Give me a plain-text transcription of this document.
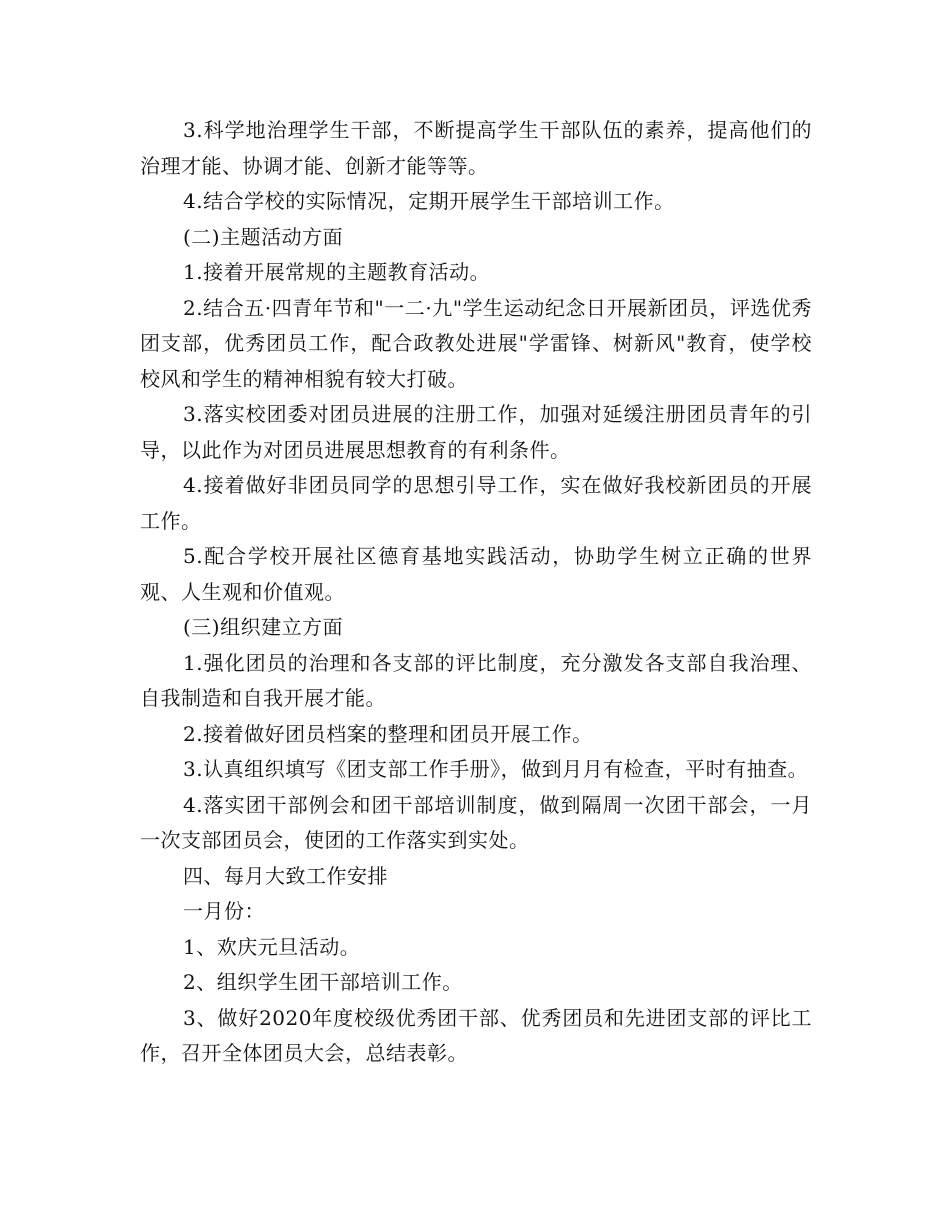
3.科学地治理学生干部，不断提高学生干部队伍的素养，提高他们的治理才能、协调才能、创新才能等等。

4.结合学校的实际情况，定期开展学生干部培训工作。

(二)主题活动方面

1.接着开展常规的主题教育活动。

2.结合五·四青年节和"一二·九"学生运动纪念日开展新团员，评选优秀团支部，优秀团员工作，配合政教处进展"学雷锋、树新风"教育，使学校校风和学生的精神相貌有较大打破。

3.落实校团委对团员进展的注册工作，加强对延缓注册团员青年的引导，以此作为对团员进展思想教育的有利条件。

4.接着做好非团员同学的思想引导工作，实在做好我校新团员的开展工作。

5.配合学校开展社区德育基地实践活动，协助学生树立正确的世界观、人生观和价值观。

(三)组织建立方面

1.强化团员的治理和各支部的评比制度，充分激发各支部自我治理、自我制造和自我开展才能。

2.接着做好团员档案的整理和团员开展工作。

3.认真组织填写《团支部工作手册》，做到月月有检查，平时有抽查。

4.落实团干部例会和团干部培训制度，做到隔周一次团干部会，一月一次支部团员会，使团的工作落实到实处。

四、每月大致工作安排

一月份：

1、欢庆元旦活动。

2、组织学生团干部培训工作。

3、做好2020年度校级优秀团干部、优秀团员和先进团支部的评比工作，召开全体团员大会，总结表彰。
